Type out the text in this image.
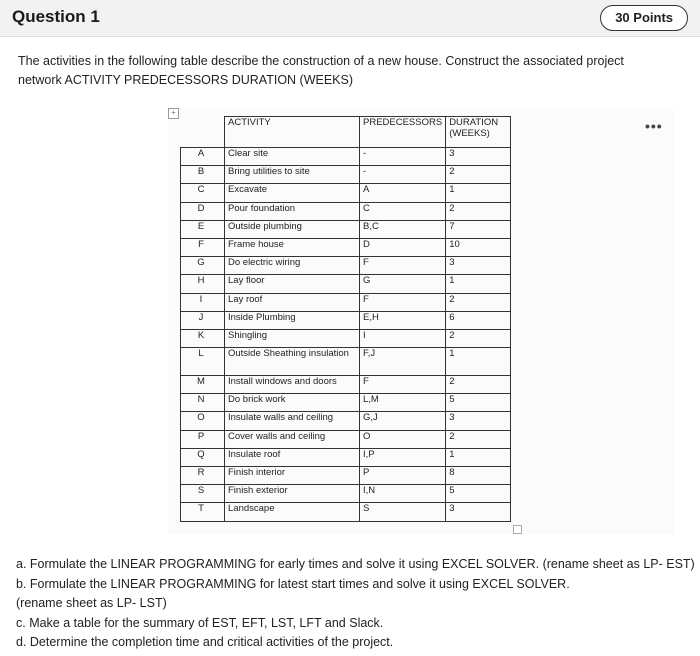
Question 1	30 Points
The activities in the following table describe the construction of a new house. Construct the associated project network ACTIVITY PREDECESSORS DURATION (WEEKS)
+
•••
	ACTIVITY	PREDECESSORS	DURATION (WEEKS)
A	Clear site	-	3
B	Bring utilities to site	-	2
C	Excavate	A	1
D	Pour foundation	C	2
E	Outside plumbing	B,C	7
F	Frame house	D	10
G	Do electric wiring	F	3
H	Lay floor	G	1
I	Lay roof	F	2
J	Inside Plumbing	E,H	6
K	Shingling	I	2
L	Outside Sheathing insulation	F,J	1
M	Install windows and doors	F	2
N	Do brick work	L,M	5
O	Insulate walls and ceiling	G,J	3
P	Cover walls and ceiling	O	2
Q	Insulate roof	I,P	1
R	Finish interior	P	8
S	Finish exterior	I,N	5
T	Landscape	S	3
a. Formulate the LINEAR PROGRAMMING for early times and solve it using EXCEL SOLVER. (rename sheet as LP- EST)
b. Formulate the LINEAR PROGRAMMING for latest start times and solve it using EXCEL SOLVER.
(rename sheet as LP- LST)
c. Make a table for the summary of EST, EFT, LST, LFT and Slack.
d. Determine the completion time and critical activities of the project.
